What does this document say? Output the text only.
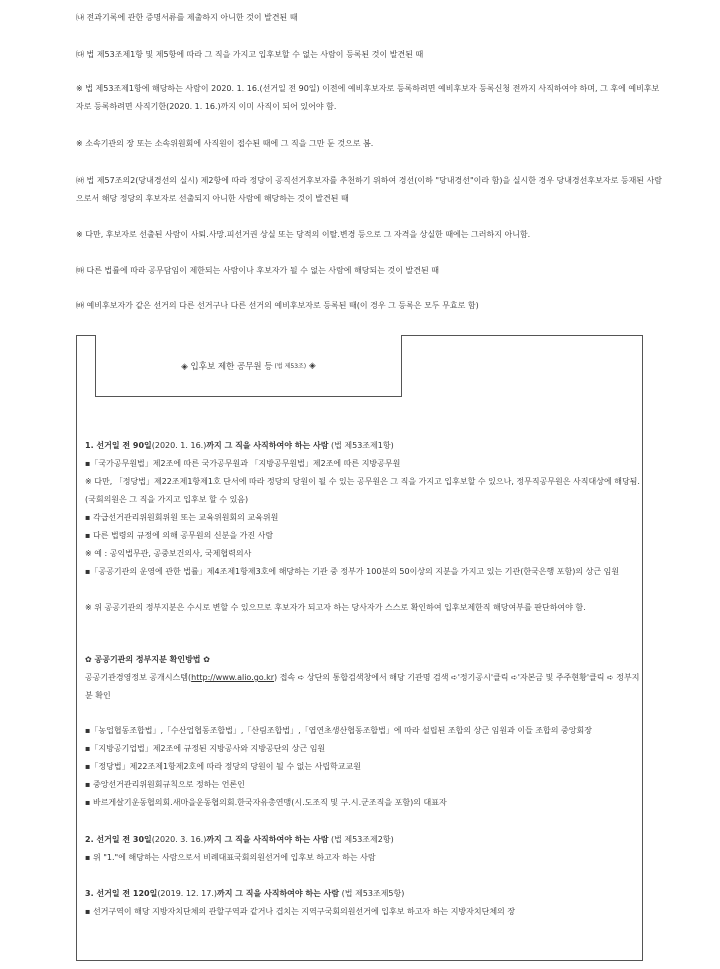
㈏ 전과기록에 관한 증명서류를 제출하지 아니한 것이 발견된 때
㈐ 법 제53조제1항 및 제5항에 따라 그 직을 가지고 입후보할 수 없는 사람이 등록된 것이 발견된 때
※ 법 제53조제1항에 해당하는 사람이 2020. 1. 16.(선거일 전 90일) 이전에 예비후보자로 등록하려면 예비후보자 등록신청 전까지 사직하여야 하며, 그 후에 예비후보자로 등록하려면 사직기한(2020. 1. 16.)까지 이미 사직이 되어 있어야 함.
※ 소속기관의 장 또는 소속위원회에 사직원이 접수된 때에 그 직을 그만 둔 것으로 봄.
㈑ 법 제57조의2(당내경선의 실시) 제2항에 따라 정당이 공직선거후보자를 추천하기 위하여 경선(이하 "당내경선"이라 함)을 실시한 경우 당내경선후보자로 등재된 사람으로서 해당 정당의 후보자로 선출되지 아니한 사람에 해당하는 것이 발견된 때
※ 다만, 후보자로 선출된 사람이 사퇴.사망.피선거권 상실 또는 당적의 이탈.변경 등으로 그 자격을 상실한 때에는 그러하지 아니함.
㈒ 다른 법률에 따라 공무담임이 제한되는 사람이나 후보자가 될 수 없는 사람에 해당되는 것이 발견된 때
㈓ 예비후보자가 같은 선거의 다른 선거구나 다른 선거의 예비후보자로 등록된 때(이 경우 그 등록은 모두 무효로 함)
◈ 입후보 제한 공무원 등 (법 제53조) ◈
1. 선거일 전 90일(2020. 1. 16.)까지 그 직을 사직하여야 하는 사람 (법 제53조제1항)
▪「국가공무원법」제2조에 따른 국가공무원과 「지방공무원법」제2조에 따른 지방공무원
※ 다만, 「정당법」제22조제1항제1호 단서에 따라 정당의 당원이 될 수 있는 공무원은 그 직을 가지고 입후보할 수 있으나, 정무직공무원은 사직대상에 해당됨. (국회의원은 그 직을 가지고 입후보 할 수 있음)
▪ 각급선거관리위원회위원 또는 교육위원회의 교육위원
▪ 다른 법령의 규정에 의해 공무원의 신분을 가진 사람
※ 예 : 공익법무관, 공중보건의사, 국제협력의사
▪「공공기관의 운영에 관한 법률」제4조제1항제3호에 해당하는 기관 중 정부가 100분의 50이상의 지분을 가지고 있는 기관(한국은행 포함)의 상근 임원
※ 위 공공기관의 정부지분은 수시로 변할 수 있으므로 후보자가 되고자 하는 당사자가 스스로 확인하여 입후보제한직 해당여부를 판단하여야 함.
✿ 공공기관의 정부지분 확인방법 ✿
공공기관경영정보 공개시스템(http://www.alio.go.kr) 접속 ➪ 상단의 통합검색창에서 해당 기관명 검색 ➪'정기공시'클릭 ➪'자본금 및 주주현황'클릭 ➪ 정부지분 확인
▪「농업협동조합법」,「수산업협동조합법」,「산림조합법」,「엽연초생산협동조합법」에 따라 설립된 조합의 상근 임원과 이들 조합의 중앙회장
▪「지방공기업법」제2조에 규정된 지방공사와 지방공단의 상근 임원
▪「정당법」제22조제1항제2호에 따라 정당의 당원이 될 수 없는 사립학교교원
▪ 중앙선거관리위원회규칙으로 정하는 언론인
▪ 바르게살기운동협의회.새마을운동협의회.한국자유총연맹(시.도조직 및 구.시.군조직을 포함)의 대표자
2. 선거일 전 30일(2020. 3. 16.)까지 그 직을 사직하여야 하는 사람 (법 제53조제2항)
▪ 위 "1."에 해당하는 사람으로서 비례대표국회의원선거에 입후보 하고자 하는 사람
3. 선거일 전 120일(2019. 12. 17.)까지 그 직을 사직하여야 하는 사람 (법 제53조제5항)
▪ 선거구역이 해당 지방자치단체의 관할구역과 같거나 겹치는 지역구국회의원선거에 입후보 하고자 하는 지방자치단체의 장
